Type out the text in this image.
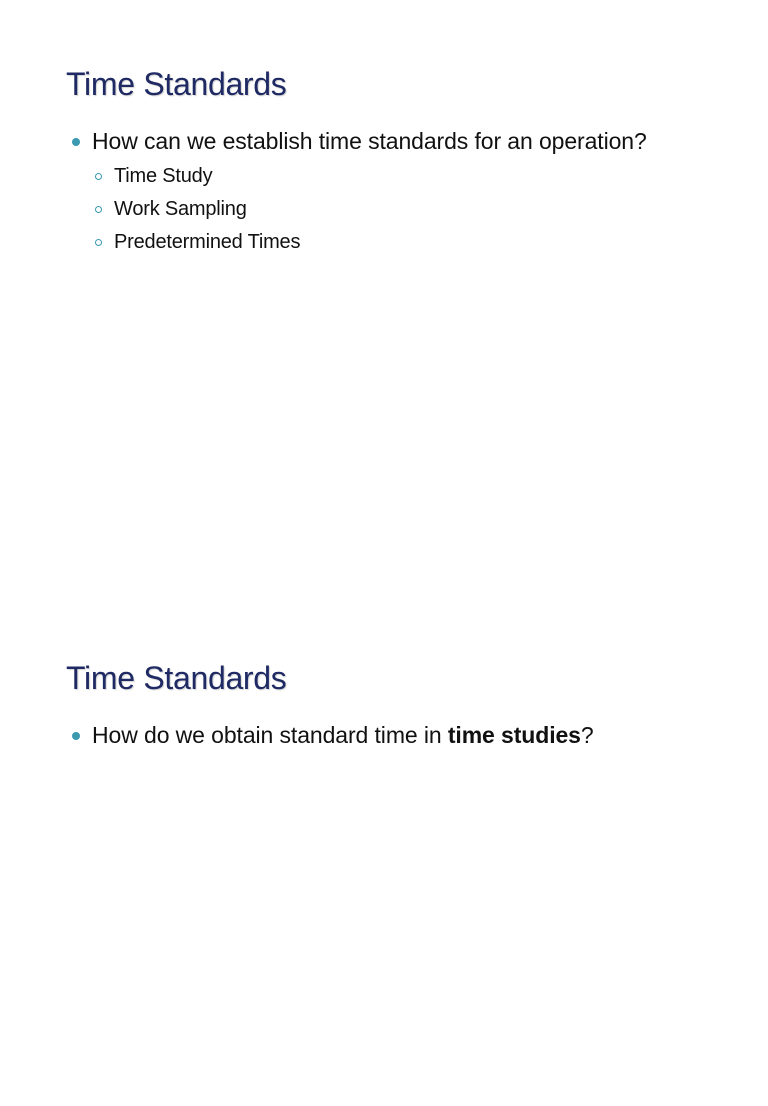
Time Standards
How can we establish time standards for an operation?
Time Study
Work Sampling
Predetermined Times
Time Standards
How do we obtain standard time in time studies?
